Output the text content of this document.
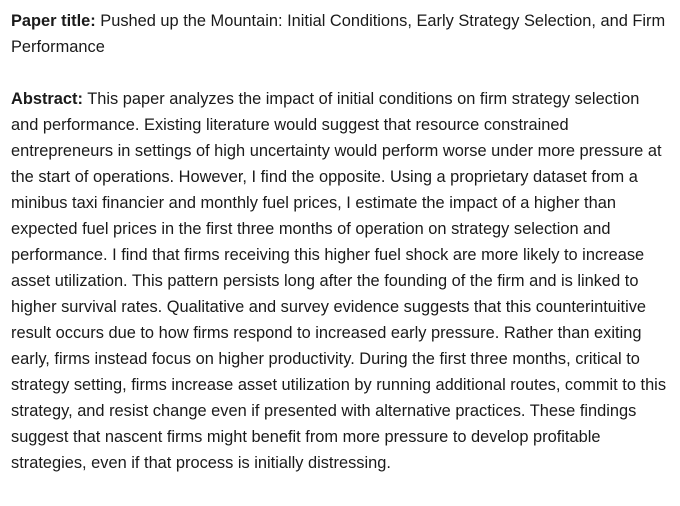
Paper title: Pushed up the Mountain: Initial Conditions, Early Strategy Selection, and Firm Performance

Abstract: This paper analyzes the impact of initial conditions on firm strategy selection and performance. Existing literature would suggest that resource constrained entrepreneurs in settings of high uncertainty would perform worse under more pressure at the start of operations. However, I find the opposite. Using a proprietary dataset from a minibus taxi financier and monthly fuel prices, I estimate the impact of a higher than expected fuel prices in the first three months of operation on strategy selection and performance. I find that firms receiving this higher fuel shock are more likely to increase asset utilization. This pattern persists long after the founding of the firm and is linked to higher survival rates. Qualitative and survey evidence suggests that this counterintuitive result occurs due to how firms respond to increased early pressure. Rather than exiting early, firms instead focus on higher productivity. During the first three months, critical to strategy setting, firms increase asset utilization by running additional routes, commit to this strategy, and resist change even if presented with alternative practices. These findings suggest that nascent firms might benefit from more pressure to develop profitable strategies, even if that process is initially distressing.
